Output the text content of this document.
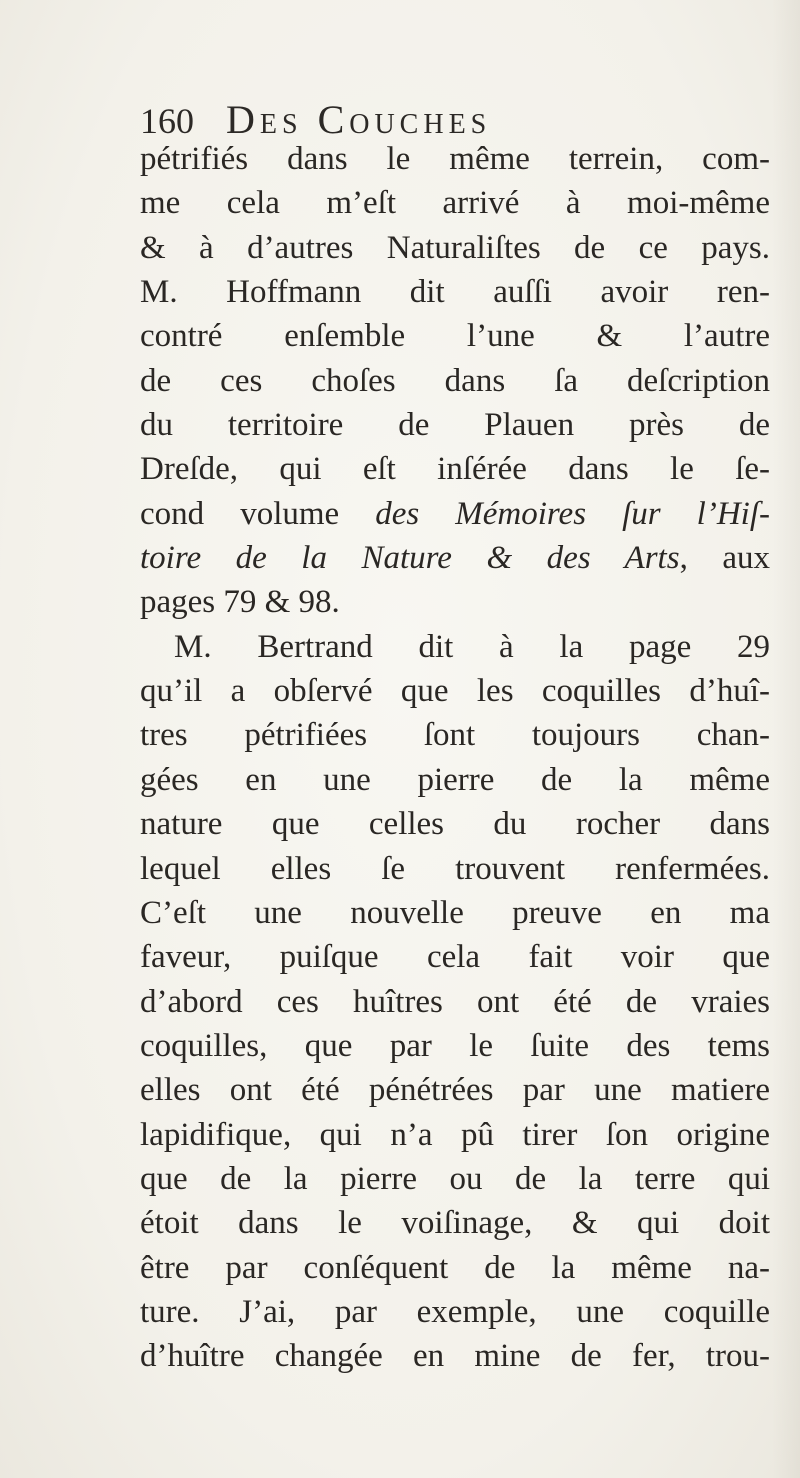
160 Des Couches
pétrifiés dans le même terrein, com-
me cela m’eſt arrivé à moi-même
& à d’autres Naturaliſtes de ce pays.
M. Hoffmann dit auſſi avoir ren-
contré enſemble l’une & l’autre
de ces choſes dans ſa deſcription
du territoire de Plauen près de
Dreſde, qui eſt inſérée dans le ſe-
cond volume des Mémoires ſur l’Hiſ-
toire de la Nature & des Arts, aux
pages 79 & 98.
M. Bertrand dit à la page 29
qu’il a obſervé que les coquilles d’huî-
tres pétrifiées ſont toujours chan-
gées en une pierre de la même
nature que celles du rocher dans
lequel elles ſe trouvent renfermées.
C’eſt une nouvelle preuve en ma
faveur, puiſque cela fait voir que
d’abord ces huîtres ont été de vraies
coquilles, que par le ſuite des tems
elles ont été pénétrées par une matiere
lapidifique, qui n’a pû tirer ſon origine
que de la pierre ou de la terre qui
étoit dans le voiſinage, & qui doit
être par conſéquent de la même na-
ture. J’ai, par exemple, une coquille
d’huître changée en mine de fer, trou-
